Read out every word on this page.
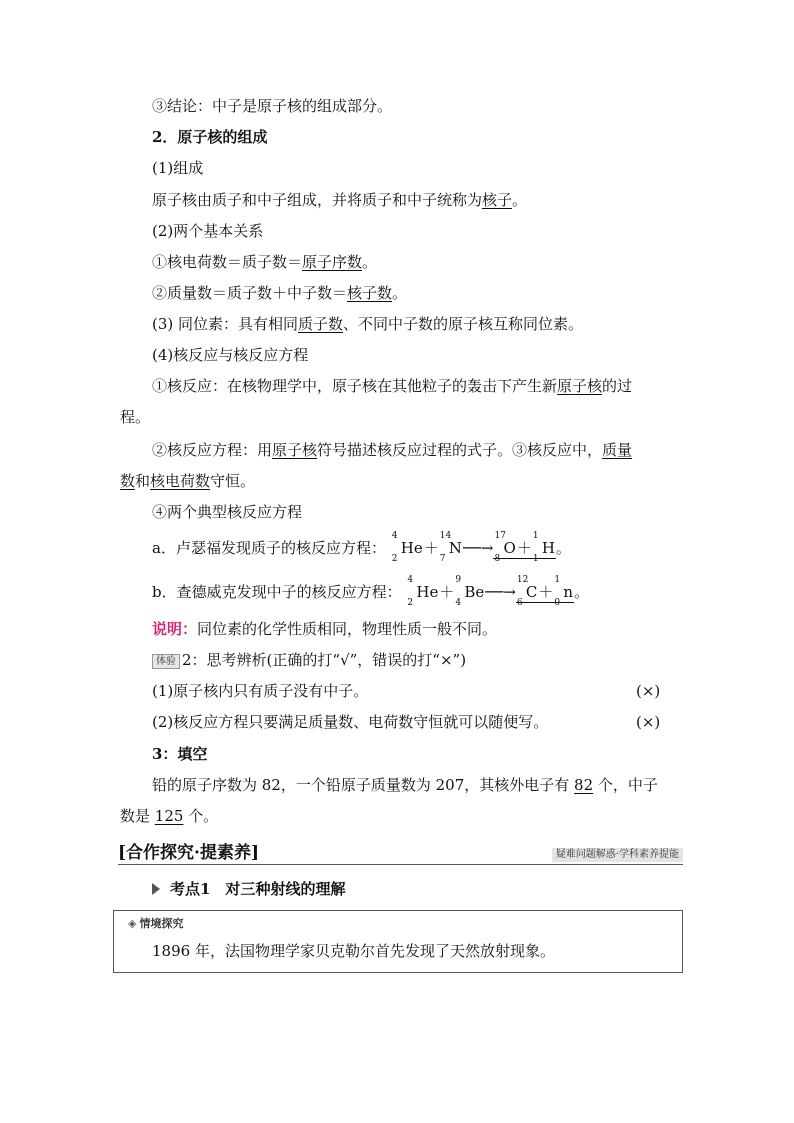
③结论：中子是原子核的组成部分。
2．原子核的组成
(1)组成
原子核由质子和中子组成，并将质子和中子统称为核子。
(2)两个基本关系
①核电荷数＝质子数＝原子序数。
②质量数＝质子数＋中子数＝核子数。
(3) 同位素：具有相同质子数、不同中子数的原子核互称同位素。
(4)核反应与核反应方程
①核反应：在核物理学中，原子核在其他粒子的轰击下产生新原子核的过
程。
②核反应方程：用原子核符号描述核反应过程的式子。③核反应中，质量
数和核电荷数守恒。
④两个典型核反应方程
a．卢瑟福发现质子的核反应方程：
4
2
He＋
14
7
N──→
17
8
O＋
1
1
H。
b．查德威克发现中子的核反应方程：
4
2
He＋
9
4
Be──→
12
6
C＋
1
0
n。
说明：同位素的化学性质相同，物理性质一般不同。
体验 2：思考辨析(正确的打“√”，错误的打“×”)
(1)原子核内只有质子没有中子。	(×)
(2)核反应方程只要满足质量数、电荷数守恒就可以随便写。	(×)
3：填空
铅的原子序数为 82，一个铅原子质量数为 207，其核外电子有 82 个，中子
数是 125 个。
[合作探究·提素养]	疑难问题解惑·学科素养提能
考点1　对三种射线的理解
◈ 情境探究
1896 年，法国物理学家贝克勒尔首先发现了天然放射现象。
